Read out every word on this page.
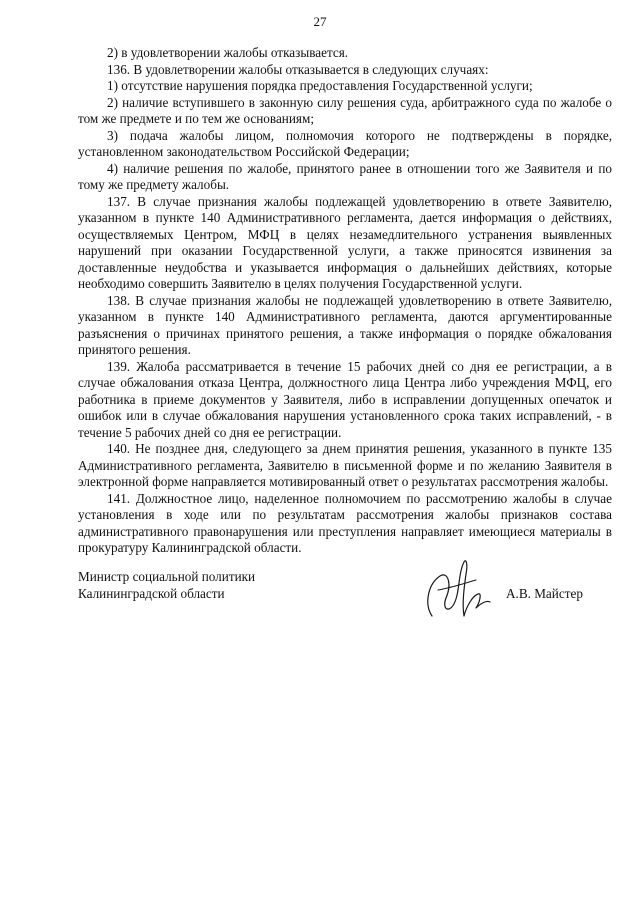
27

2) в удовлетворении жалобы отказывается.

136. В удовлетворении жалобы отказывается в следующих случаях:

1) отсутствие нарушения порядка предоставления Государственной услуги;

2) наличие вступившего в законную силу решения суда, арбитражного суда по жалобе о том же предмете и по тем же основаниям;

3) подача жалобы лицом, полномочия которого не подтверждены в порядке, установленном законодательством Российской Федерации;

4) наличие решения по жалобе, принятого ранее в отношении того же Заявителя и по тому же предмету жалобы.

137. В случае признания жалобы подлежащей удовлетворению в ответе Заявителю, указанном в пункте 140 Административного регламента, дается информация о действиях, осуществляемых Центром, МФЦ в целях незамедлительного устранения выявленных нарушений при оказании Государственной услуги, а также приносятся извинения за доставленные неудобства и указывается информация о дальнейших действиях, которые необходимо совершить Заявителю в целях получения Государственной услуги.

138. В случае признания жалобы не подлежащей удовлетворению в ответе Заявителю, указанном в пункте 140 Административного регламента, даются аргументированные разъяснения о причинах принятого решения, а также информация о порядке обжалования принятого решения.

139. Жалоба рассматривается в течение 15 рабочих дней со дня ее регистрации, а в случае обжалования отказа Центра, должностного лица Центра либо учреждения МФЦ, его работника в приеме документов у Заявителя, либо в исправлении допущенных опечаток и ошибок или в случае обжалования нарушения установленного срока таких исправлений, - в течение 5 рабочих дней со дня ее регистрации.

140. Не позднее дня, следующего за днем принятия решения, указанного в пункте 135 Административного регламента, Заявителю в письменной форме и по желанию Заявителя в электронной форме направляется мотивированный ответ о результатах рассмотрения жалобы.

141. Должностное лицо, наделенное полномочием по рассмотрению жалобы в случае установления в ходе или по результатам рассмотрения жалобы признаков состава административного правонарушения или преступления направляет имеющиеся материалы в прокуратуру Калининградской области.

Министр социальной политики
Калининградской области	А.В. Майстер
